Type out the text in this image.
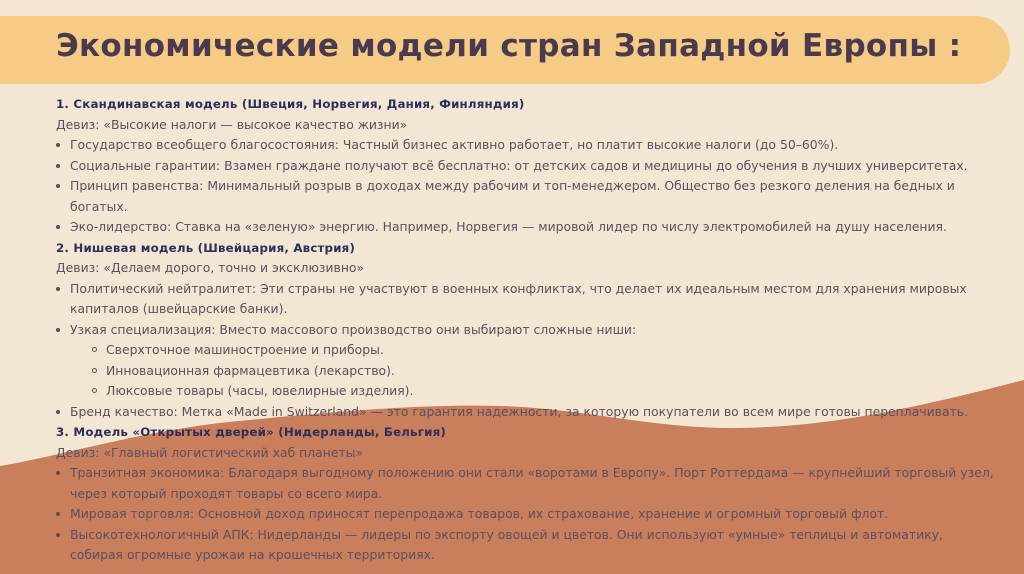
Экономические модели стран Западной Европы :
1. Скандинавская модель (Швеция, Норвегия, Дания, Финляндия)
Девиз: «Высокие налоги — высокое качество жизни»
Государство всеобщего благосостояния: Частный бизнес активно работает, но платит высокие налоги (до 50–60%).
Социальные гарантии: Взамен граждане получают всё бесплатно: от детских садов и медицины до обучения в лучших университетах.
Принцип равенства: Минимальный розрыв в доходах между рабочим и топ-менеджером. Общество без резкого деления на бедных и богатых.
Эко-лидерство: Ставка на «зеленую» энергию. Например, Норвегия — мировой лидер по числу электромобилей на душу населения.
2. Нишевая модель (Швейцария, Австрия)
Девиз: «Делаем дорого, точно и эксклюзивно»
Политический нейтралитет: Эти страны не участвуют в военных конфликтах, что делает их идеальным местом для хранения мировых капиталов (швейцарские банки).
Узкая специализация: Вместо массового производство они выбирают сложные ниши:
Сверхточное машиностроение и приборы.
Инновационная фармацевтика (лекарство).
Люксовые товары (часы, ювелирные изделия).
Бренд качество: Метка «Made in Switzerland» — это гарантия надежности, за которую покупатели во всем мире готовы переплачивать.
3. Модель «Открытых дверей» (Нидерланды, Бельгия)
Девиз: «Главный логистический хаб планеты»
Транзитная экономика: Благодаря выгодному положению они стали «воротами в Европу». Порт Роттердама — крупнейший торговый узел, через который проходят товары со всего мира.
Мировая торговля: Основной доход приносят перепродажа товаров, их страхование, хранение и огромный торговый флот.
Высокотехнологичный АПК: Нидерланды — лидеры по экспорту овощей и цветов. Они используют «умные» теплицы и автоматику, собирая огромные урожаи на крошечных территориях.
